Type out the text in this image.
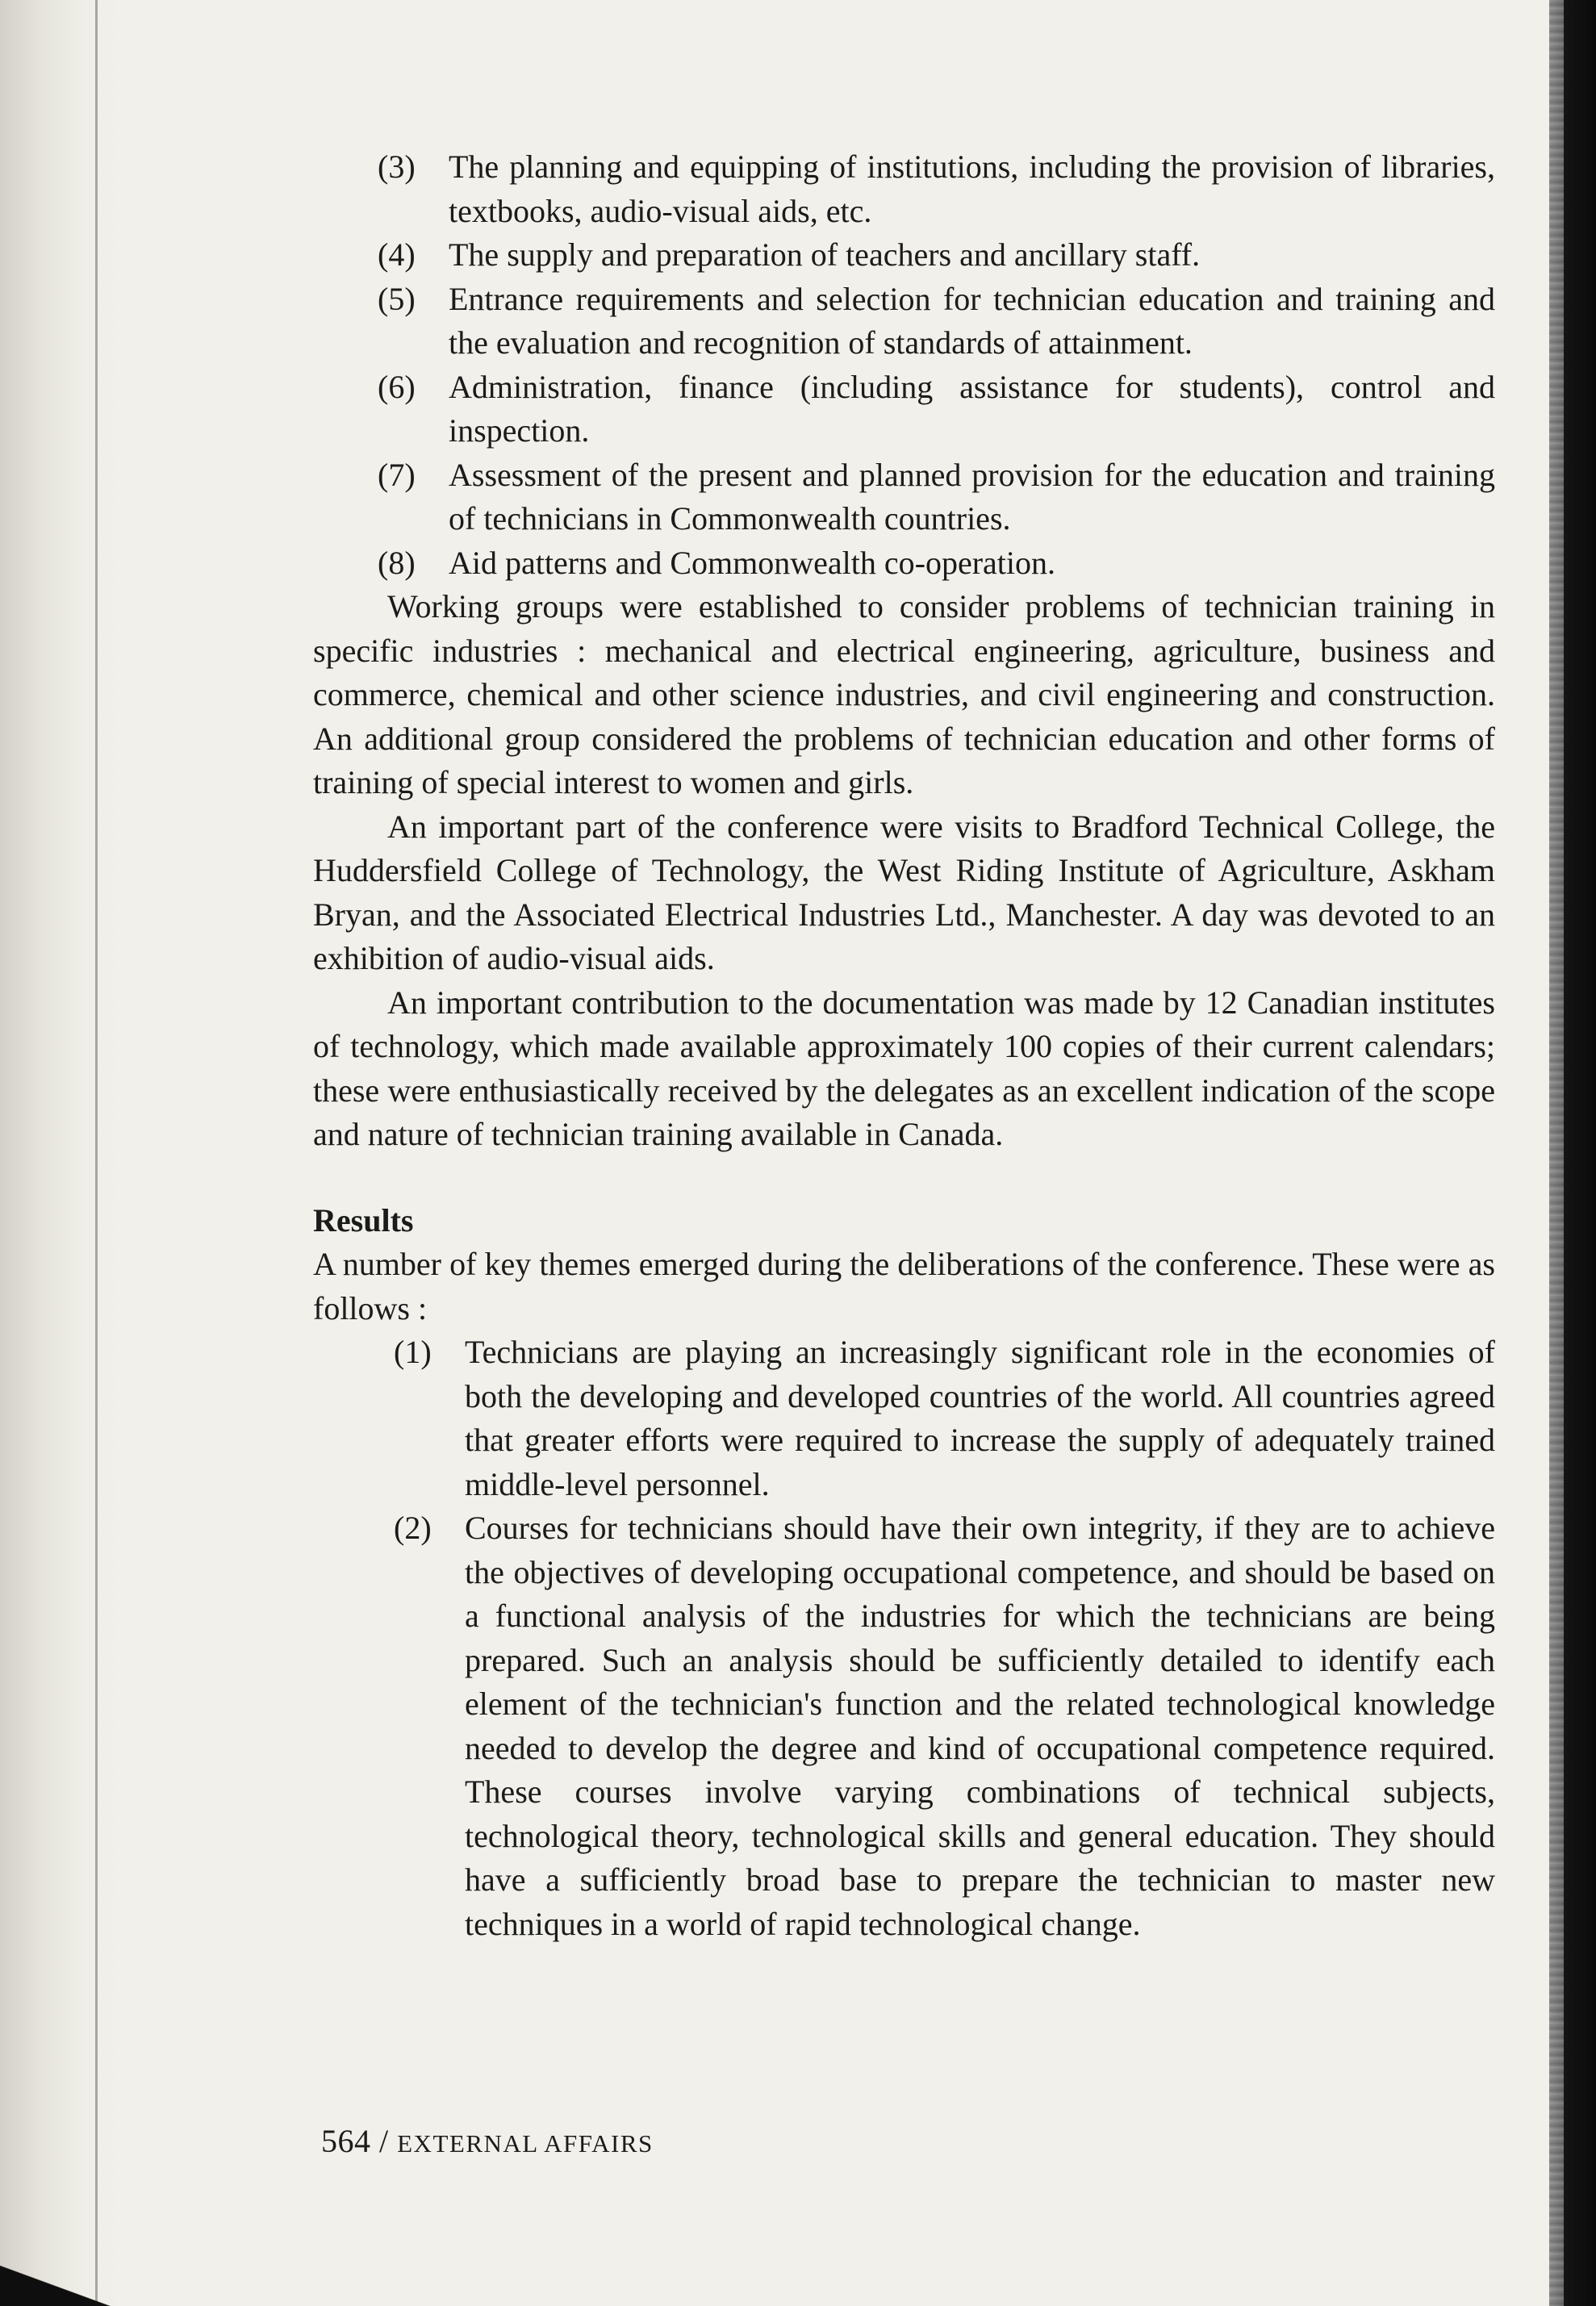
(3) The planning and equipping of institutions, including the provision of libraries, textbooks, audio-visual aids, etc.
(4) The supply and preparation of teachers and ancillary staff.
(5) Entrance requirements and selection for technician education and training and the evaluation and recognition of standards of attainment.
(6) Administration, finance (including assistance for students), control and inspection.
(7) Assessment of the present and planned provision for the education and training of technicians in Commonwealth countries.
(8) Aid patterns and Commonwealth co-operation.

Working groups were established to consider problems of technician training in specific industries : mechanical and electrical engineering, agriculture, business and commerce, chemical and other science industries, and civil engineering and construction. An additional group considered the problems of technician education and other forms of training of special interest to women and girls.

An important part of the conference were visits to Bradford Technical College, the Huddersfield College of Technology, the West Riding Institute of Agriculture, Askham Bryan, and the Associated Electrical Industries Ltd., Manchester. A day was devoted to an exhibition of audio-visual aids.

An important contribution to the documentation was made by 12 Canadian institutes of technology, which made available approximately 100 copies of their current calendars; these were enthusiastically received by the delegates as an excellent indication of the scope and nature of technician training available in Canada.

Results

A number of key themes emerged during the deliberations of the conference. These were as follows :

(1) Technicians are playing an increasingly significant role in the economies of both the developing and developed countries of the world. All countries agreed that greater efforts were required to increase the supply of adequately trained middle-level personnel.
(2) Courses for technicians should have their own integrity, if they are to achieve the objectives of developing occupational competence, and should be based on a functional analysis of the industries for which the technicians are being prepared. Such an analysis should be sufficiently detailed to identify each element of the technician's function and the related technological knowledge needed to develop the degree and kind of occupational competence required. These courses involve varying combinations of technical subjects, technological theory, technological skills and general education. They should have a sufficiently broad base to prepare the technician to master new techniques in a world of rapid technological change.
564 / EXTERNAL AFFAIRS
